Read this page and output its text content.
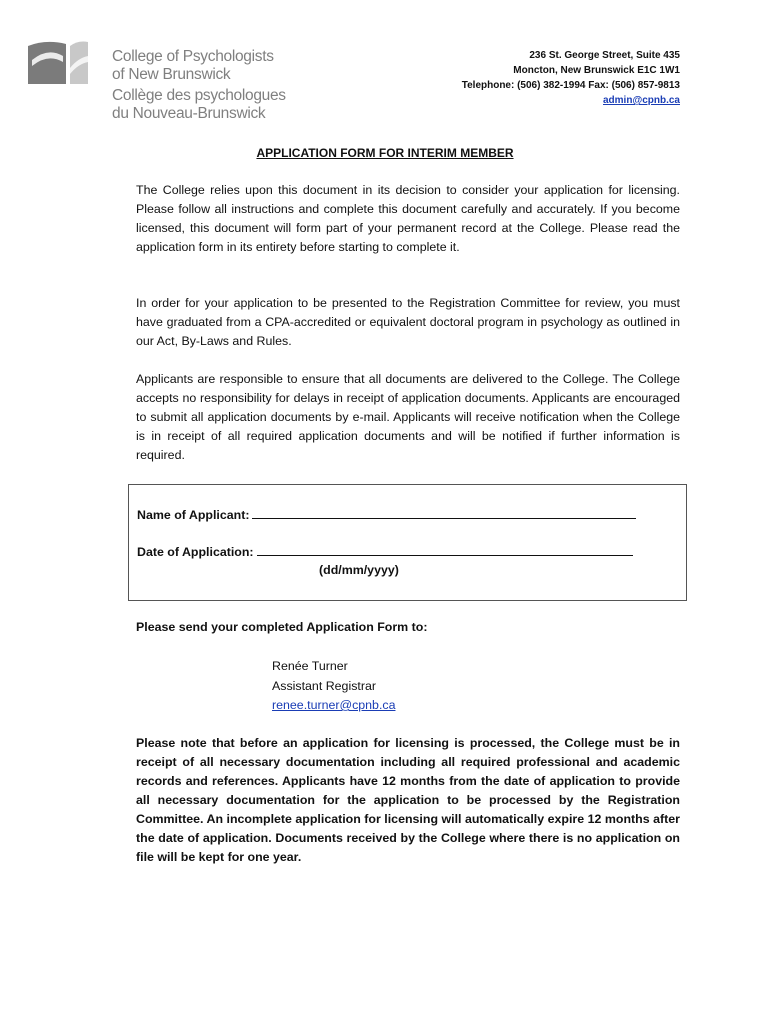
College of Psychologists
of New Brunswick
Collège des psychologues
du Nouveau-Brunswick
236 St. George Street, Suite 435
Moncton, New Brunswick E1C 1W1
Telephone: (506) 382-1994 Fax: (506) 857-9813
admin@cpnb.ca
APPLICATION FORM FOR INTERIM MEMBER
The College relies upon this document in its decision to consider your application for licensing. Please follow all instructions and complete this document carefully and accurately. If you become licensed, this document will form part of your permanent record at the College. Please read the application form in its entirety before starting to complete it.
In order for your application to be presented to the Registration Committee for review, you must have graduated from a CPA-accredited or equivalent doctoral program in psychology as outlined in our Act, By-Laws and Rules.
Applicants are responsible to ensure that all documents are delivered to the College. The College accepts no responsibility for delays in receipt of application documents. Applicants are encouraged to submit all application documents by e-mail. Applicants will receive notification when the College is in receipt of all required application documents and will be notified if further information is required.
Name of Applicant:
Date of Application:
(dd/mm/yyyy)
Please send your completed Application Form to:
Renée Turner
Assistant Registrar
renee.turner@cpnb.ca
Please note that before an application for licensing is processed, the College must be in receipt of all necessary documentation including all required professional and academic records and references. Applicants have 12 months from the date of application to provide all necessary documentation for the application to be processed by the Registration Committee. An incomplete application for licensing will automatically expire 12 months after the date of application. Documents received by the College where there is no application on file will be kept for one year.
